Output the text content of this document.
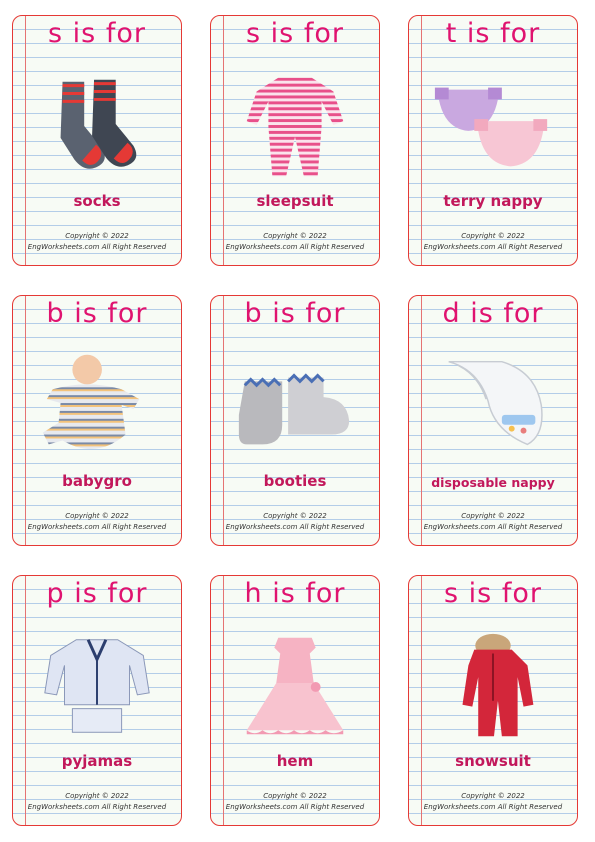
s is for
socks
Copyright © 2022
EngWorksheets.com All Right Reserved
s is for
sleepsuit
Copyright © 2022
EngWorksheets.com All Right Reserved
t is for
terry nappy
Copyright © 2022
EngWorksheets.com All Right Reserved
b is for
babygro
Copyright © 2022
EngWorksheets.com All Right Reserved
b is for
booties
Copyright © 2022
EngWorksheets.com All Right Reserved
d is for
disposable nappy
Copyright © 2022
EngWorksheets.com All Right Reserved
p is for
pyjamas
Copyright © 2022
EngWorksheets.com All Right Reserved
h is for
hem
Copyright © 2022
EngWorksheets.com All Right Reserved
s is for
snowsuit
Copyright © 2022
EngWorksheets.com All Right Reserved
